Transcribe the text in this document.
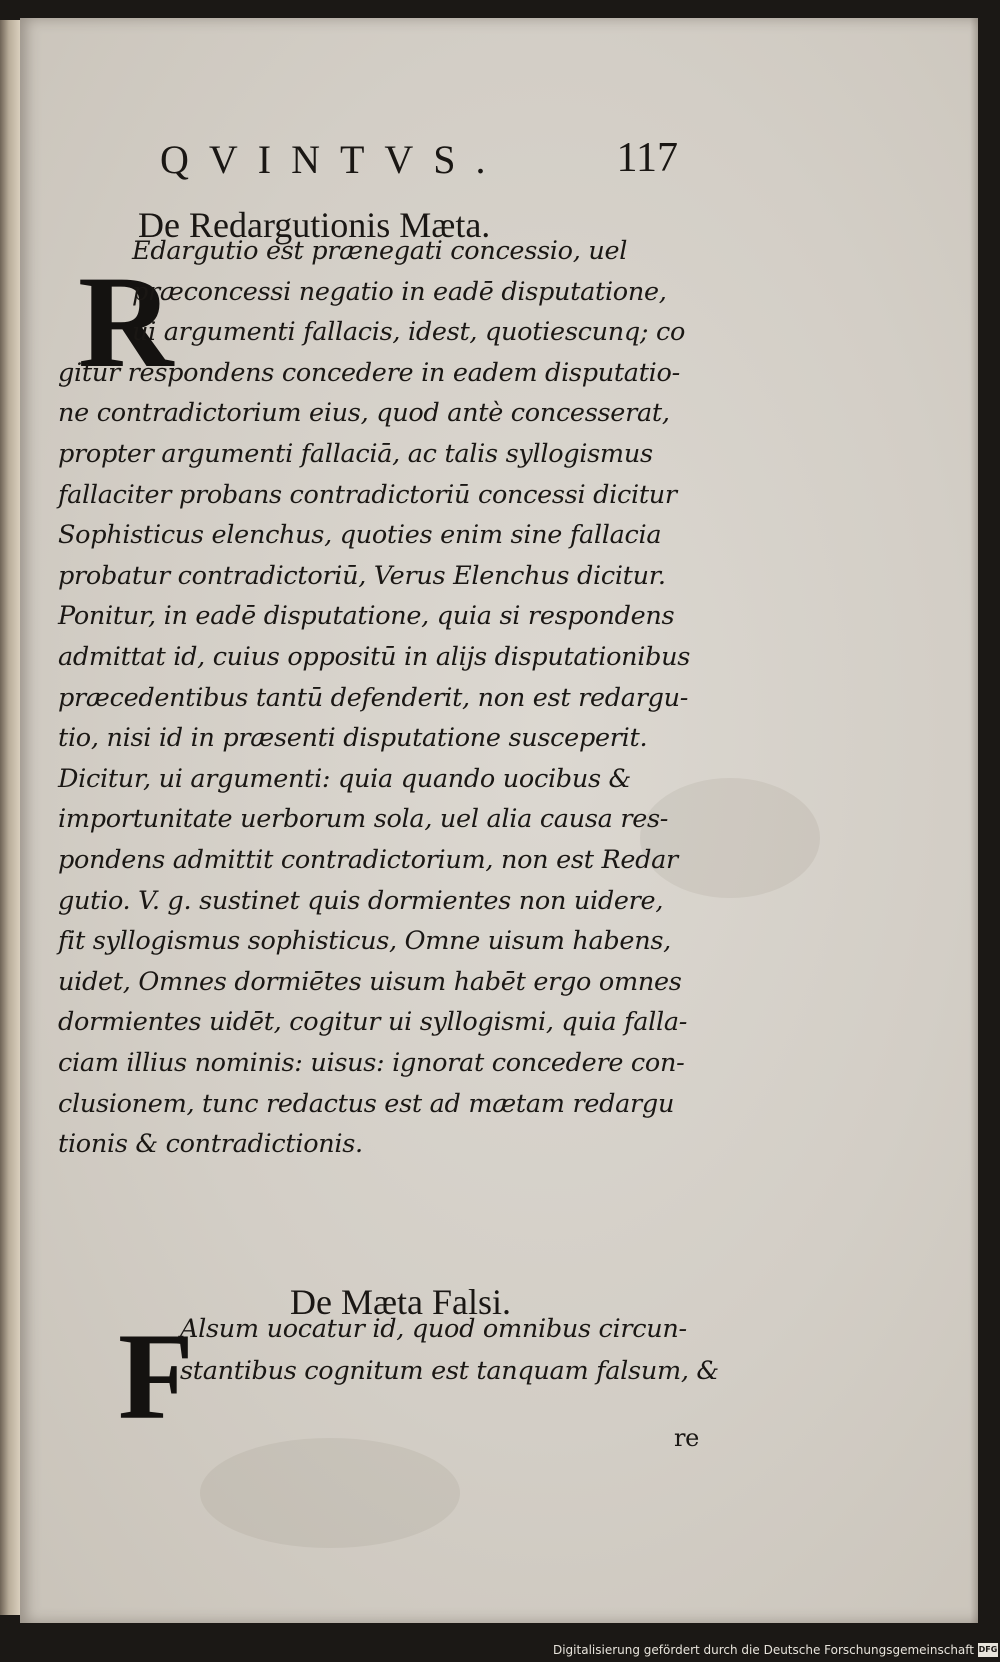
QVINTVS.	117
De Redargutionis Mæta.
R
Edargutio est prænegati concessio, uel
præconcessi negatio in eadē disputatione,
ui argumenti fallacis, idest, quotiescunq; co
gitur respondens concedere in eadem disputatio-
ne contradictorium eius, quod antè concesserat,
propter argumenti fallaciā, ac talis syllogismus
fallaciter probans contradictoriū concessi dicitur
Sophisticus elenchus, quoties enim sine fallacia
probatur contradictoriū, Verus Elenchus dicitur.
Ponitur, in eadē disputatione, quia si respondens
admittat id, cuius oppositū in alijs disputationibus
præcedentibus tantū defenderit, non est redargu-
tio, nisi id in præsenti disputatione susceperit.
Dicitur, ui argumenti: quia quando uocibus &
importunitate uerborum sola, uel alia causa res-
pondens admittit contradictorium, non est Redar
gutio. V. g. sustinet quis dormientes non uidere,
fit syllogismus sophisticus, Omne uisum habens,
uidet, Omnes dormiētes uisum habēt ergo omnes
dormientes uidēt, cogitur ui syllogismi, quia falla-
ciam illius nominis: uisus: ignorat concedere con-
clusionem, tunc redactus est ad mætam redargu
tionis & contradictionis.
De Mæta Falsi.
F
Alsum uocatur id, quod omnibus circun-
stantibus cognitum est tanquam falsum, &
re
Digitalisierung gefördert durch die Deutsche Forschungsgemeinschaft DFG
